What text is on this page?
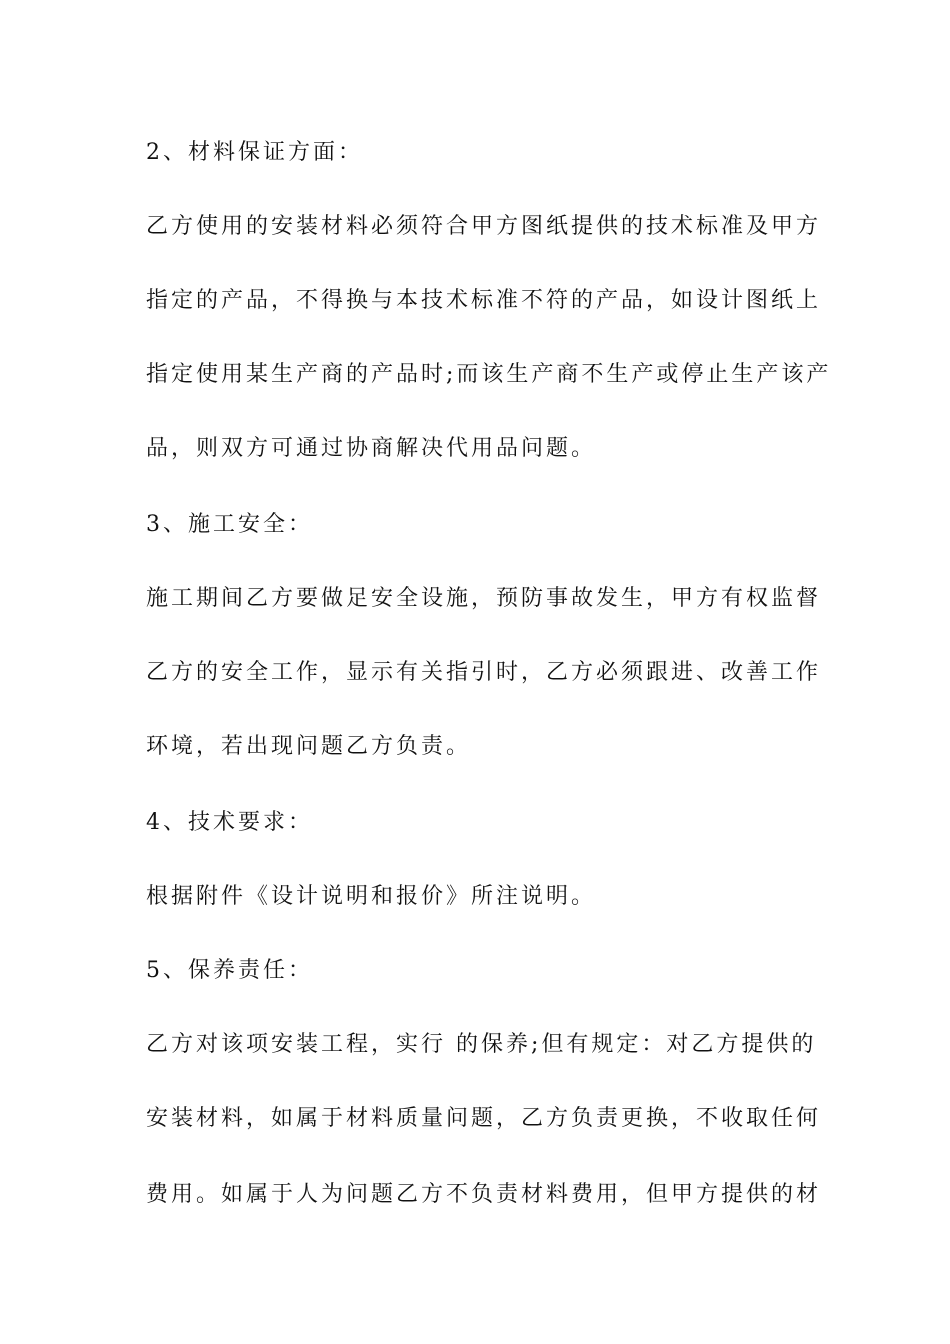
2、材料保证方面：

乙方使用的安装材料必须符合甲方图纸提供的技术标准及甲方

指定的产品，不得换与本技术标准不符的产品，如设计图纸上

指定使用某生产商的产品时;而该生产商不生产或停止生产该产

品，则双方可通过协商解决代用品问题。

3、施工安全：

施工期间乙方要做足安全设施，预防事故发生，甲方有权监督

乙方的安全工作，显示有关指引时，乙方必须跟进、改善工作

环境，若出现问题乙方负责。

4、技术要求：

根据附件《设计说明和报价》所注说明。

5、保养责任：

乙方对该项安装工程，实行 的保养;但有规定：对乙方提供的

安装材料，如属于材料质量问题，乙方负责更换，不收取任何

费用。如属于人为问题乙方不负责材料费用，但甲方提供的材
